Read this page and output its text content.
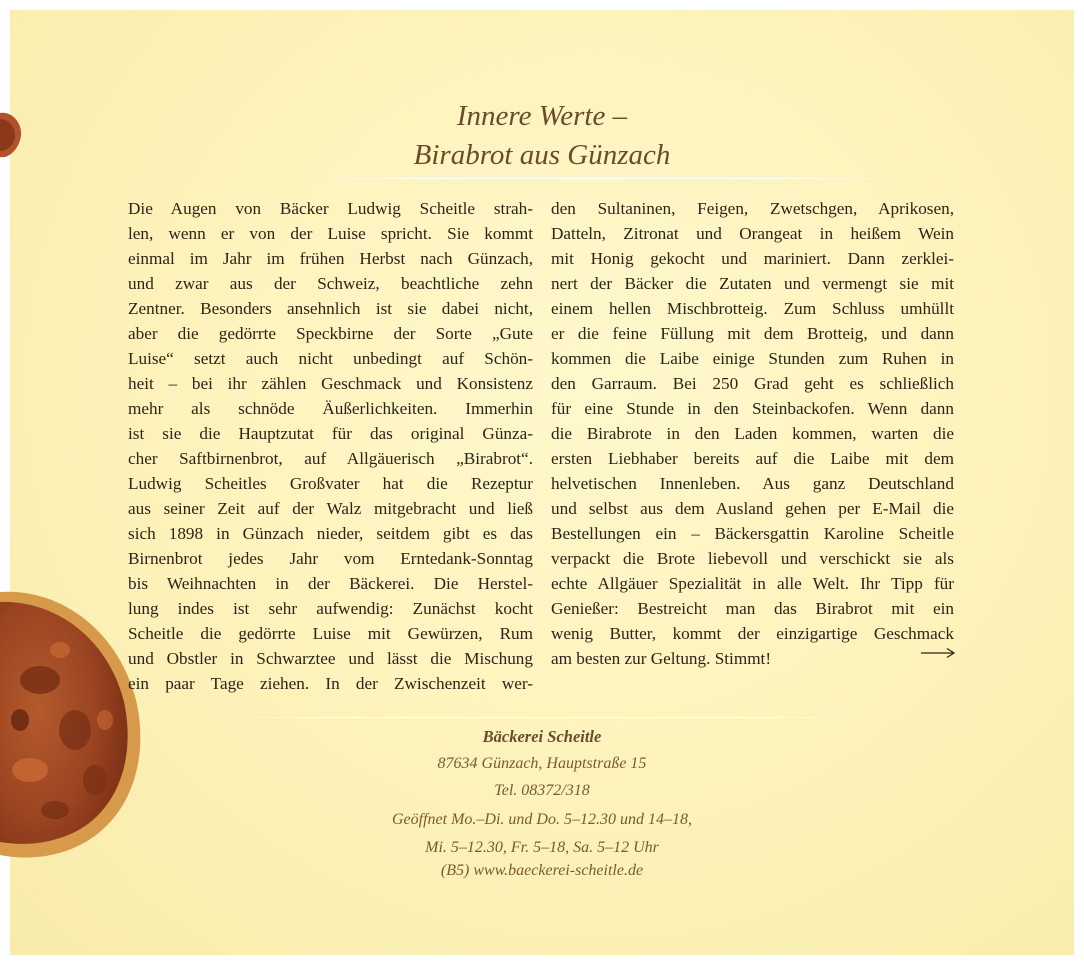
Innere Werte –
Birabrot aus Günzach
Die Augen von Bäcker Ludwig Scheitle strah-
len, wenn er von der Luise spricht. Sie kommt
einmal im Jahr im frühen Herbst nach Günzach,
und zwar aus der Schweiz, beachtliche zehn
Zentner. Besonders ansehnlich ist sie dabei nicht,
aber die gedörrte Speckbirne der Sorte „Gute
Luise“ setzt auch nicht unbedingt auf Schön-
heit – bei ihr zählen Geschmack und Konsistenz
mehr als schnöde Äußerlichkeiten. Immerhin
ist sie die Hauptzutat für das original Günza-
cher Saftbirnenbrot, auf Allgäuerisch „Birabrot“.
Ludwig Scheitles Großvater hat die Rezeptur
aus seiner Zeit auf der Walz mitgebracht und ließ
sich 1898 in Günzach nieder, seitdem gibt es das
Birnenbrot jedes Jahr vom Erntedank-Sonntag
bis Weihnachten in der Bäckerei. Die Herstel-
lung indes ist sehr aufwendig: Zunächst kocht
Scheitle die gedörrte Luise mit Gewürzen, Rum
und Obstler in Schwarztee und lässt die Mischung
ein paar Tage ziehen. In der Zwischenzeit wer-
den Sultaninen, Feigen, Zwetschgen, Aprikosen,
Datteln, Zitronat und Orangeat in heißem Wein
mit Honig gekocht und mariniert. Dann zerklei-
nert der Bäcker die Zutaten und vermengt sie mit
einem hellen Mischbrotteig. Zum Schluss umhüllt
er die feine Füllung mit dem Brotteig, und dann
kommen die Laibe einige Stunden zum Ruhen in
den Garraum. Bei 250 Grad geht es schließlich
für eine Stunde in den Steinbackofen. Wenn dann
die Birabrote in den Laden kommen, warten die
ersten Liebhaber bereits auf die Laibe mit dem
helvetischen Innenleben. Aus ganz Deutschland
und selbst aus dem Ausland gehen per E-Mail die
Bestellungen ein – Bäckersgattin Karoline Scheitle
verpackt die Brote liebevoll und verschickt sie als
echte Allgäuer Spezialität in alle Welt. Ihr Tipp für
Genießer: Bestreicht man das Birabrot mit ein
wenig Butter, kommt der einzigartige Geschmack
am besten zur Geltung. Stimmt!
Bäckerei Scheitle
87634 Günzach, Hauptstraße 15
Tel. 08372/318
Geöffnet Mo.–Di. und Do. 5–12.30 und 14–18,
Mi. 5–12.30, Fr. 5–18, Sa. 5–12 Uhr
(B5) www.baeckerei-scheitle.de
